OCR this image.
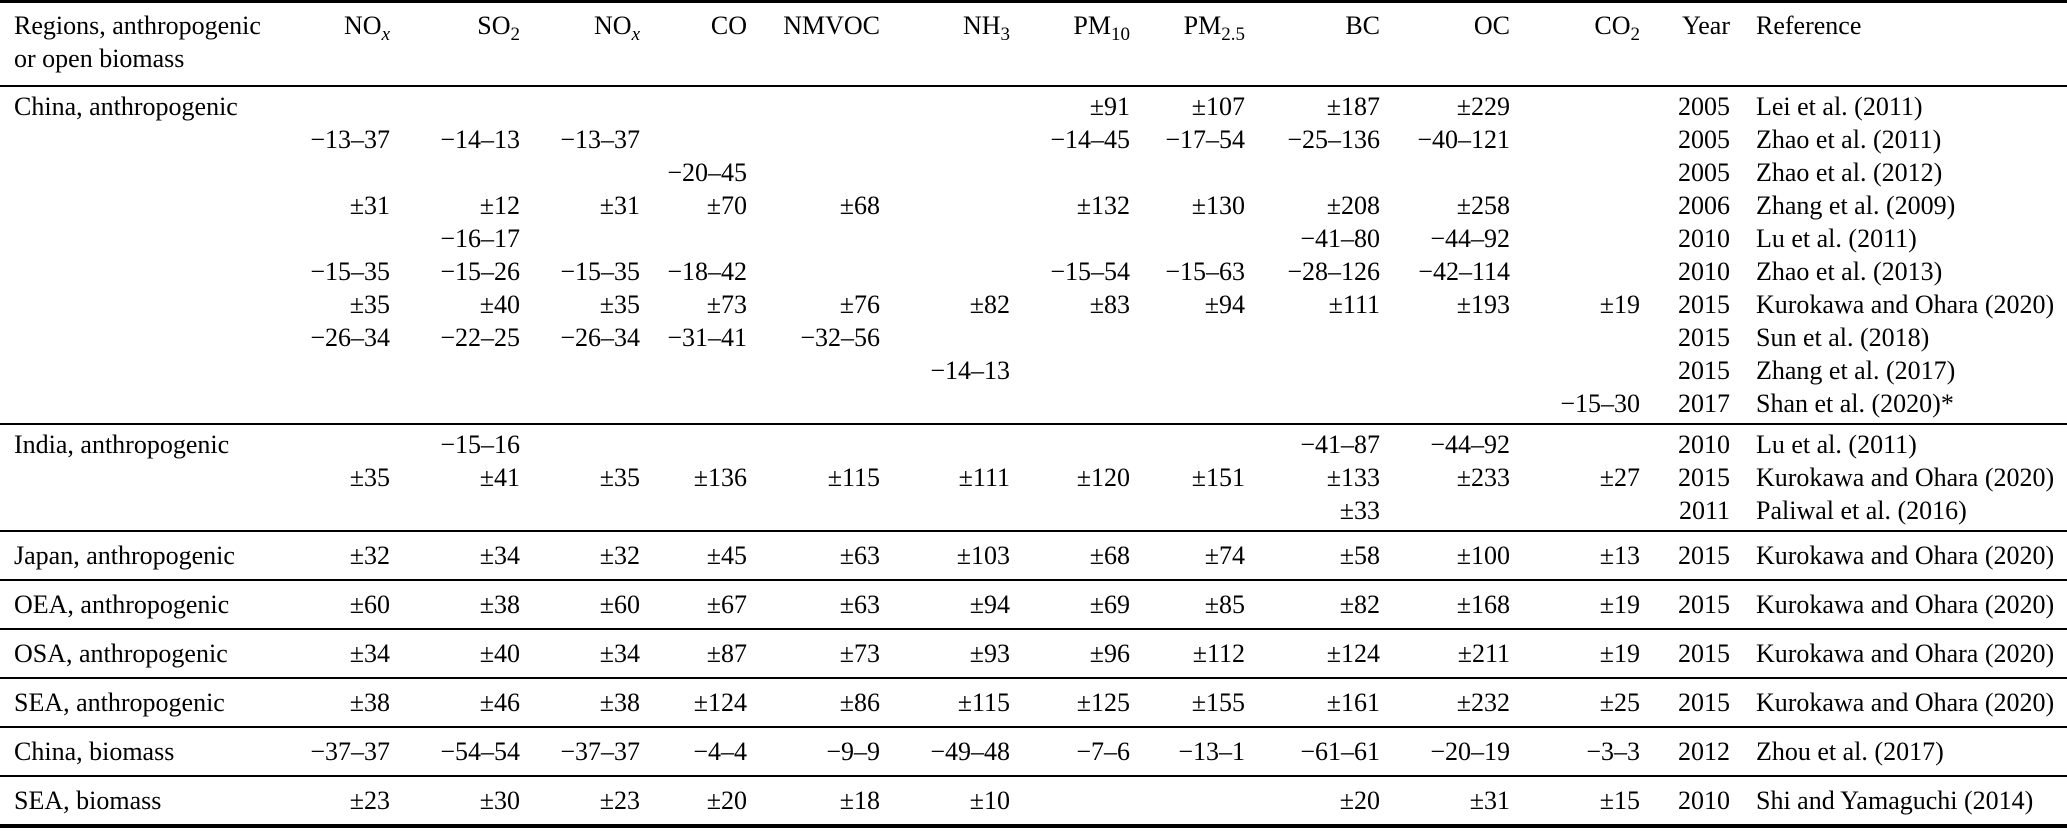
Regions, anthropogenic
or open biomass	$NO_x$	$SO_2$	$NO_x$	CO	NMVOC	$NH_3$	$PM_{10}$	$PM_{2.5}$	BC	OC	$CO_2$	Year	Reference
China, anthropogenic							±91	±107	±187	±229		2005	Lei et al. (2011)
	−13–37	−14–13	−13–37				−14–45	−17–54	−25–136	−40–121		2005	Zhao et al. (2011)
				−20–45								2005	Zhao et al. (2012)
	±31	±12	±31	±70	±68		±132	±130	±208	±258		2006	Zhang et al. (2009)
		−16–17							−41–80	−44–92		2010	Lu et al. (2011)
	−15–35	−15–26	−15–35	−18–42			−15–54	−15–63	−28–126	−42–114		2010	Zhao et al. (2013)
	±35	±40	±35	±73	±76	±82	±83	±94	±111	±193	±19	2015	Kurokawa and Ohara (2020)
	−26–34	−22–25	−26–34	−31–41	−32–56							2015	Sun et al. (2018)
						−14–13						2015	Zhang et al. (2017)
											−15–30	2017	Shan et al. (2020)*
India, anthropogenic		−15–16							−41–87	−44–92		2010	Lu et al. (2011)
	±35	±41	±35	±136	±115	±111	±120	±151	±133	±233	±27	2015	Kurokawa and Ohara (2020)
									±33			2011	Paliwal et al. (2016)
Japan, anthropogenic	±32	±34	±32	±45	±63	±103	±68	±74	±58	±100	±13	2015	Kurokawa and Ohara (2020)
OEA, anthropogenic	±60	±38	±60	±67	±63	±94	±69	±85	±82	±168	±19	2015	Kurokawa and Ohara (2020)
OSA, anthropogenic	±34	±40	±34	±87	±73	±93	±96	±112	±124	±211	±19	2015	Kurokawa and Ohara (2020)
SEA, anthropogenic	±38	±46	±38	±124	±86	±115	±125	±155	±161	±232	±25	2015	Kurokawa and Ohara (2020)
China, biomass	−37–37	−54–54	−37–37	−4–4	−9–9	−49–48	−7–6	−13–1	−61–61	−20–19	−3–3	2012	Zhou et al. (2017)
SEA, biomass	±23	±30	±23	±20	±18	±10			±20	±31	±15	2010	Shi and Yamaguchi (2014)
